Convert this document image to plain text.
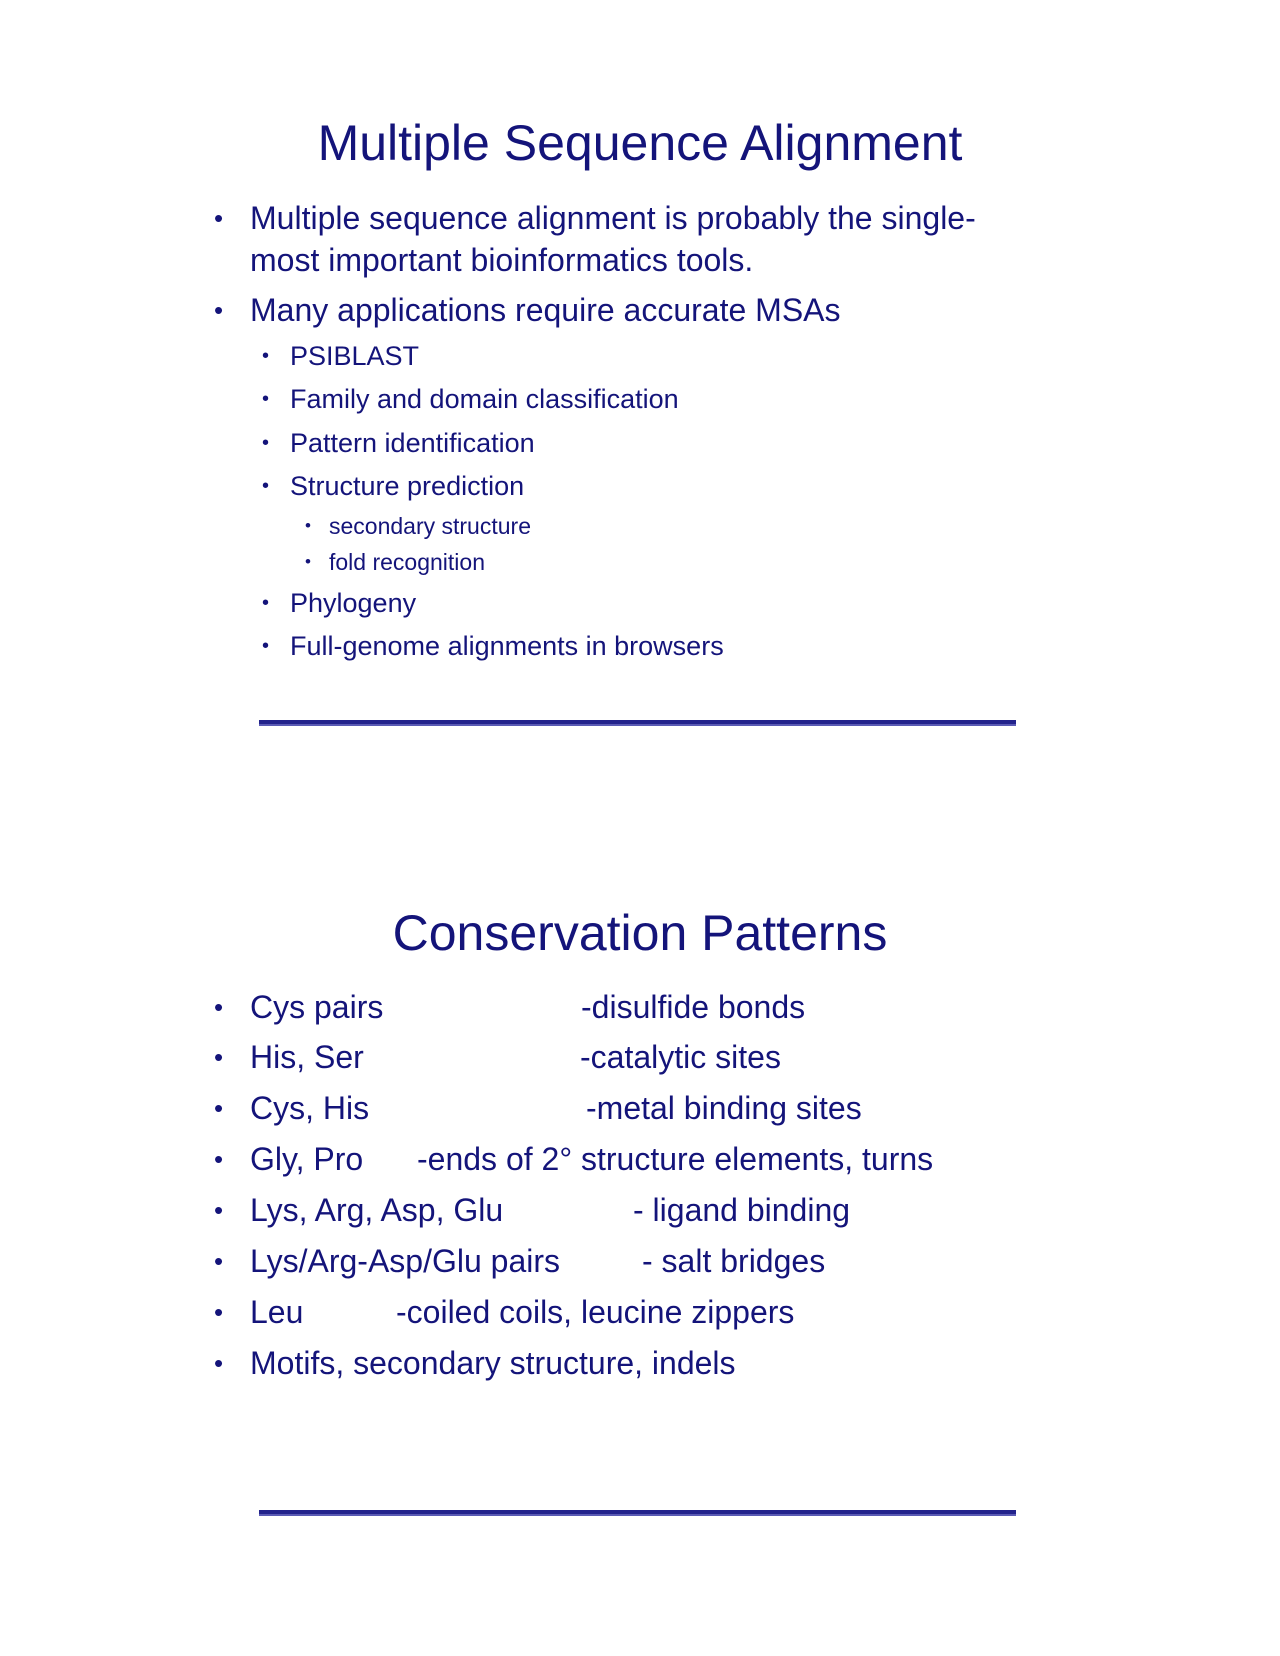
Multiple Sequence Alignment
• Multiple sequence alignment is probably the single-
most important bioinformatics tools.
• Many applications require accurate MSAs
• PSIBLAST
• Family and domain classification
• Pattern identification
• Structure prediction
• secondary structure
• fold recognition
• Phylogeny
• Full-genome alignments in browsers
Conservation Patterns
• Cys pairs	-disulfide bonds
• His, Ser	-catalytic sites
• Cys, His	-metal binding sites
• Gly, Pro -ends of 2° structure elements, turns
• Lys, Arg, Asp, Glu	- ligand binding
• Lys/Arg-Asp/Glu pairs	- salt bridges
• Leu	-coiled coils, leucine zippers
• Motifs, secondary structure, indels
